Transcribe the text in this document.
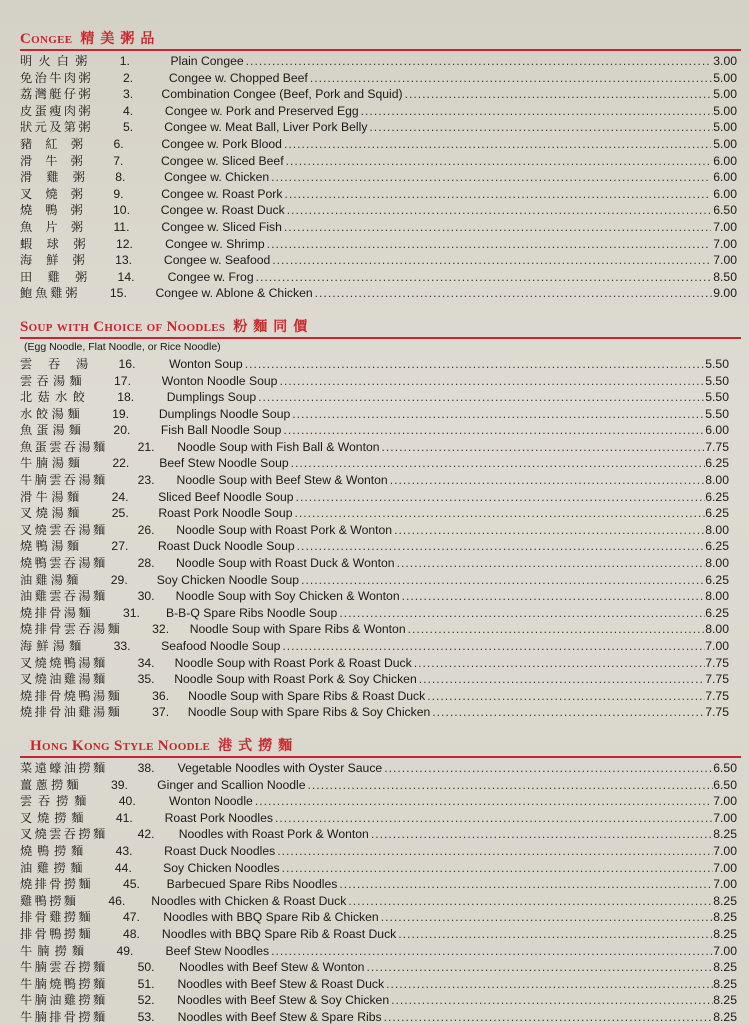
Congee 精美粥品
明 火 白 粥	1.	Plain Congee .....	3.00
免 治 牛 肉 粥	2.	Congee w. Chopped Beef .....	5.00
荔 灣 艇 仔 粥	3.	Combination Congee (Beef, Pork and Squid) .....	5.00
皮 蛋 瘦 肉 粥	4.	Congee w. Pork and Preserved Egg .....	5.00
狀 元 及 第 粥	5.	Congee w. Meat Ball, Liver Pork Belly .....	5.00
豬 紅 粥	6.	Congee w. Pork Blood .....	5.00
滑 牛 粥	7.	Congee w. Sliced Beef .....	6.00
滑 雞 粥	8.	Congee w. Chicken .....	6.00
叉 燒 粥	9.	Congee w. Roast Pork .....	6.00
燒 鴨 粥	10.	Congee w. Roast Duck .....	6.50
魚 片 粥	11.	Congee w. Sliced Fish .....	7.00
蝦 球 粥	12.	Congee w. Shrimp .....	7.00
海 鮮 粥	13.	Congee w. Seafood .....	7.00
田 雞 粥	14.	Congee w. Frog .....	8.50
鮑 魚 雞 粥	15.	Congee w. Ablone & Chicken .....	9.00
Soup with Choice of Noodles 粉麵同價
(Egg Noodle, Flat Noodle, or Rice Noodle)
雲 吞 湯	16.	Wonton Soup .....	5.50
雲 吞 湯 麵	17.	Wonton Noodle Soup .....	5.50
北 菇 水 餃	18.	Dumplings Soup .....	5.50
水 餃 湯 麵	19.	Dumplings Noodle Soup .....	5.50
魚 蛋 湯 麵	20.	Fish Ball Noodle Soup .....	6.00
魚 蛋 雲 吞 湯 麵	21.	Noodle Soup with Fish Ball & Wonton .....	7.75
牛 腩 湯 麵	22.	Beef Stew Noodle Soup .....	6.25
牛 腩 雲 吞 湯 麵	23.	Noodle Soup with Beef Stew & Wonton .....	8.00
滑 牛 湯 麵	24.	Sliced Beef Noodle Soup .....	6.25
叉 燒 湯 麵	25.	Roast Pork Noodle Soup .....	6.25
叉 燒 雲 吞 湯 麵	26.	Noodle Soup with Roast Pork & Wonton .....	8.00
燒 鴨 湯 麵	27.	Roast Duck Noodle Soup .....	6.25
燒 鴨 雲 吞 湯 麵	28.	Noodle Soup with Roast Duck & Wonton .....	8.00
油 雞 湯 麵	29.	Soy Chicken Noodle Soup .....	6.25
油 雞 雲 吞 湯 麵	30.	Noodle Soup with Soy Chicken & Wonton .....	8.00
燒 排 骨 湯 麵	31.	B-B-Q Spare Ribs Noodle Soup .....	6.25
燒 排 骨 雲 吞 湯 麵	32.	Noodle Soup with Spare Ribs & Wonton .....	8.00
海 鮮 湯 麵	33.	Seafood Noodle Soup .....	7.00
叉 燒 燒 鴨 湯 麵	34.	Noodle Soup with Roast Pork & Roast Duck .....	7.75
叉 燒 油 雞 湯 麵	35.	Noodle Soup with Roast Pork & Soy Chicken .....	7.75
燒 排 骨 燒 鴨 湯 麵	36.	Noodle Soup with Spare Ribs & Roast Duck .....	7.75
燒 排 骨 油 雞 湯 麵	37.	Noodle Soup with Spare Ribs & Soy Chicken .....	7.75
Hong Kong Style Noodle 港式撈麵
菜 遠 蠔 油 撈 麵	38.	Vegetable Noodles with Oyster Sauce .....	6.50
薑 蔥 撈 麵	39.	Ginger and Scallion Noodle .....	6.50
雲 吞 撈 麵	40.	Wonton Noodle .....	7.00
叉 燒 撈 麵	41.	Roast Pork Noodles .....	7.00
叉 燒 雲 吞 撈 麵	42.	Noodles with Roast Pork & Wonton .....	8.25
燒 鴨 撈 麵	43.	Roast Duck Noodles .....	7.00
油 雞 撈 麵	44.	Soy Chicken Noodles .....	7.00
燒 排 骨 撈 麵	45.	Barbecued Spare Ribs Noodles .....	7.00
雞 鴨 撈 麵	46.	Noodles with Chicken & Roast Duck .....	8.25
排 骨 雞 撈 麵	47.	Noodles with BBQ Spare Rib & Chicken .....	8.25
排 骨 鴨 撈 麵	48.	Noodles with BBQ Spare Rib & Roast Duck .....	8.25
牛 腩 撈 麵	49.	Beef Stew Noodles .....	7.00
牛 腩 雲 吞 撈 麵	50.	Noodles with Beef Stew & Wonton .....	8.25
牛 腩 燒 鴨 撈 麵	51.	Noodles with Beef Stew & Roast Duck .....	8.25
牛 腩 油 雞 撈 麵	52.	Noodles with Beef Stew & Soy Chicken .....	8.25
牛 腩 排 骨 撈 麵	53.	Noodles with Beef Stew & Spare Ribs .....	8.25
